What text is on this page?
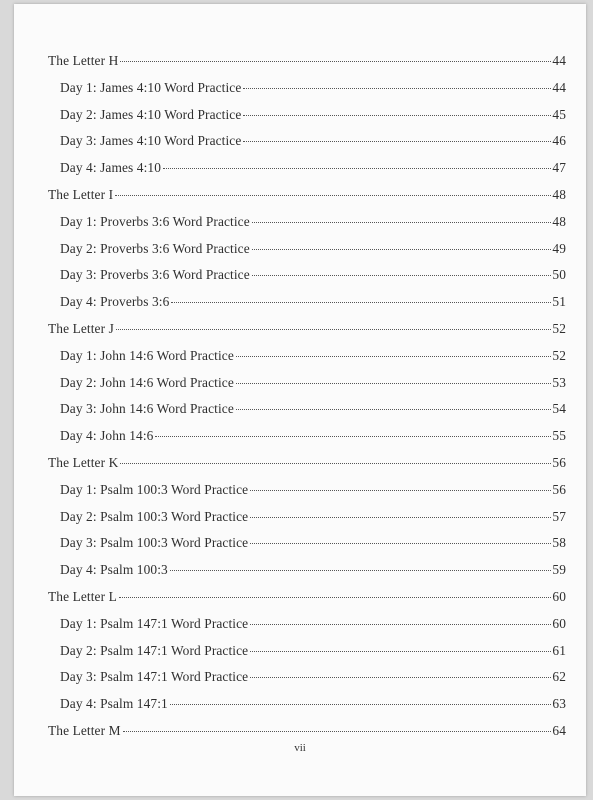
The Letter H	44
Day 1: James 4:10 Word Practice	44
Day 2: James 4:10 Word Practice	45
Day 3: James 4:10 Word Practice	46
Day 4: James 4:10	47
The Letter I	48
Day 1: Proverbs 3:6 Word Practice	48
Day 2: Proverbs 3:6 Word Practice	49
Day 3: Proverbs 3:6 Word Practice	50
Day 4: Proverbs 3:6	51
The Letter J	52
Day 1: John 14:6 Word Practice	52
Day 2: John 14:6 Word Practice	53
Day 3: John 14:6 Word Practice	54
Day 4: John 14:6	55
The Letter K	56
Day 1: Psalm 100:3 Word Practice	56
Day 2: Psalm 100:3 Word Practice	57
Day 3: Psalm 100:3 Word Practice	58
Day 4: Psalm 100:3	59
The Letter L	60
Day 1: Psalm 147:1 Word Practice	60
Day 2: Psalm 147:1 Word Practice	61
Day 3: Psalm 147:1 Word Practice	62
Day 4: Psalm 147:1	63
The Letter M	64
vii
